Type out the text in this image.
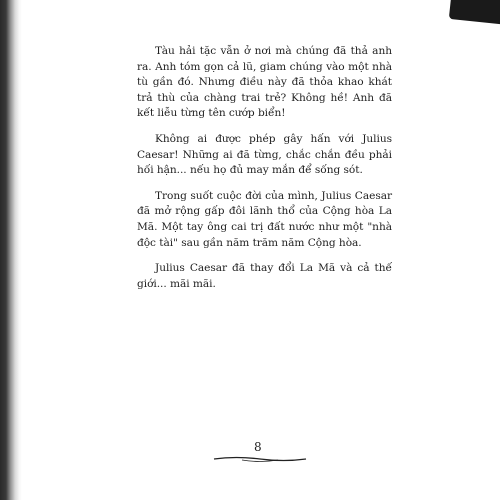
Tàu hải tặc vẫn ở nơi mà chúng đã thả anh ra. Anh tóm gọn cả lũ, giam chúng vào một nhà tù gần đó. Nhưng điều này đã thỏa khao khát trả thù của chàng trai trẻ? Không hề! Anh đã kết liễu từng tên cướp biển!

Không ai được phép gây hấn với Julius Caesar! Những ai đã từng, chắc chắn đều phải hối hận... nếu họ đủ may mắn để sống sót.

Trong suốt cuộc đời của mình, Julius Caesar đã mở rộng gấp đôi lãnh thổ của Cộng hòa La Mã. Một tay ông cai trị đất nước như một "nhà độc tài" sau gần năm trăm năm Cộng hòa.

Julius Caesar đã thay đổi La Mã và cả thế giới... mãi mãi.

8
